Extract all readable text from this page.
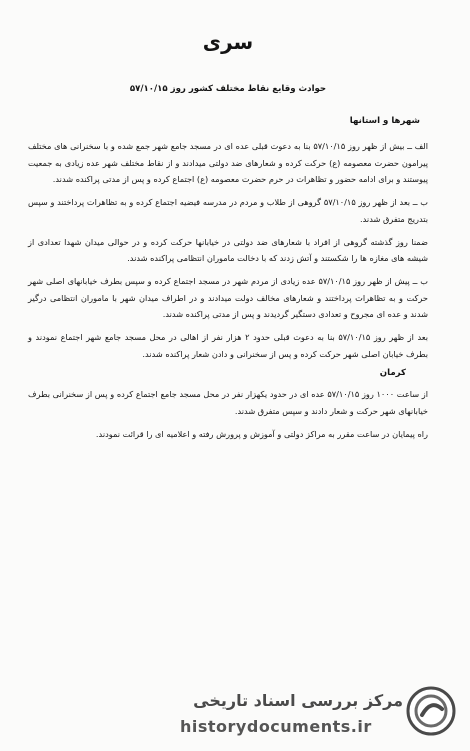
سری
حوادث وقایع نقاط مختلف کشور روز ۵۷/۱۰/۱۵
شهرها و استانها

الف ــ بیش از ظهر روز ۵۷/۱۰/۱۵ بنا به دعوت قبلی عده ای در مسجد جامع شهر جمع شده و با سخنرانی های مختلف پیرامون حضرت معصومه (ع) حرکت کرده و شعارهای ضد دولتی میدادند و از نقاط مختلف شهر عده زیادی به جمعیت پیوستند و برای ادامه حضور و تظاهرات در حرم حضرت معصومه (ع) اجتماع کرده و پس از مدتی پراکنده شدند.

ب ــ بعد از ظهر روز ۵۷/۱۰/۱۵ گروهی از طلاب و مردم در مدرسه فیضیه اجتماع کرده و به تظاهرات پرداختند و سپس بتدریج متفرق شدند.

ضمنا روز گذشته گروهی از افراد با شعارهای ضد دولتی در خیابانها حرکت کرده و در حوالی میدان شهدا تعدادی از شیشه های مغازه ها را شکستند و آتش زدند که با دخالت ماموران انتظامی پراکنده شدند.

ب ــ پیش از ظهر روز ۵۷/۱۰/۱۵ عده زیادی از مردم شهر در مسجد اجتماع کرده و سپس بطرف خیابانهای اصلی شهر حرکت و به تظاهرات پرداختند و شعارهای مخالف دولت میدادند و در اطراف میدان شهر با ماموران انتظامی درگیر شدند و عده ای مجروح و تعدادی دستگیر گردیدند و پس از مدتی پراکنده شدند.

بعد از ظهر روز ۵۷/۱۰/۱۵ بنا به دعوت قبلی حدود ۲ هزار نفر از اهالی در محل مسجد جامع شهر اجتماع نمودند و بطرف خیابان اصلی شهر حرکت کرده و پس از سخنرانی و دادن شعار پراکنده شدند.

کرمان

از ساعت ۱۰۰۰ روز ۵۷/۱۰/۱۵ عده ای در حدود یکهزار نفر در محل مسجد جامع اجتماع کرده و پس از سخنرانی بطرف خیابانهای شهر حرکت و شعار دادند و سپس متفرق شدند.

راه پیمایان در ساعت مقرر به مراکز دولتی و آموزش و پرورش رفته و اعلامیه ای را قرائت نمودند.

مرکز بررسی اسناد تاریخی
historydocuments.ir
